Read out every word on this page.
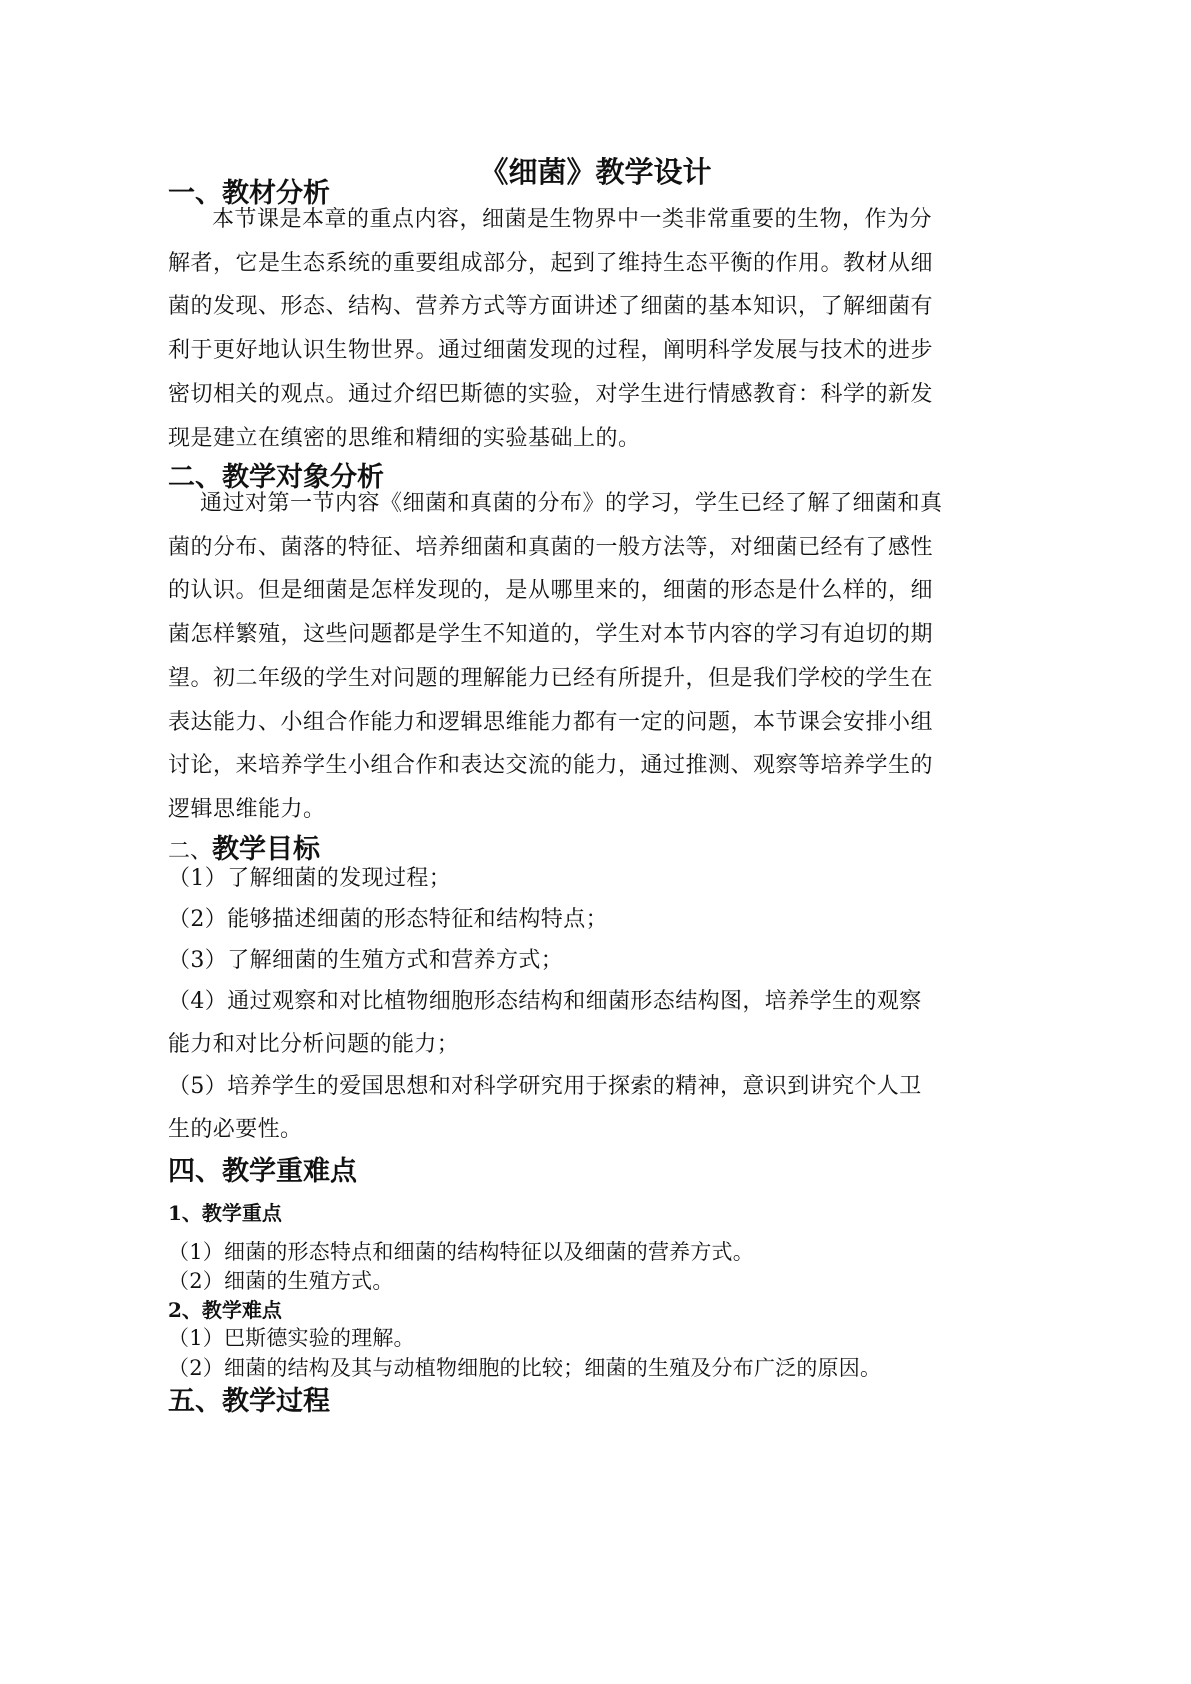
《细菌》教学设计
一、教材分析
本节课是本章的重点内容，细菌是生物界中一类非常重要的生物，作为分
解者，它是生态系统的重要组成部分，起到了维持生态平衡的作用。教材从细
菌的发现、形态、结构、营养方式等方面讲述了细菌的基本知识，了解细菌有
利于更好地认识生物世界。通过细菌发现的过程，阐明科学发展与技术的进步
密切相关的观点。通过介绍巴斯德的实验，对学生进行情感教育：科学的新发
现是建立在缜密的思维和精细的实验基础上的。
二、教学对象分析
通过对第一节内容《细菌和真菌的分布》的学习，学生已经了解了细菌和真
菌的分布、菌落的特征、培养细菌和真菌的一般方法等，对细菌已经有了感性
的认识。但是细菌是怎样发现的，是从哪里来的，细菌的形态是什么样的，细
菌怎样繁殖，这些问题都是学生不知道的，学生对本节内容的学习有迫切的期
望。初二年级的学生对问题的理解能力已经有所提升，但是我们学校的学生在
表达能力、小组合作能力和逻辑思维能力都有一定的问题，本节课会安排小组
讨论，来培养学生小组合作和表达交流的能力，通过推测、观察等培养学生的
逻辑思维能力。
二、教学目标
（1）了解细菌的发现过程；
（2）能够描述细菌的形态特征和结构特点；
（3）了解细菌的生殖方式和营养方式；
（4）通过观察和对比植物细胞形态结构和细菌形态结构图，培养学生的观察
能力和对比分析问题的能力；
（5）培养学生的爱国思想和对科学研究用于探索的精神，意识到讲究个人卫
生的必要性。
四、教学重难点
1、教学重点
（1）细菌的形态特点和细菌的结构特征以及细菌的营养方式。
（2）细菌的生殖方式。
2、教学难点
（1）巴斯德实验的理解。
（2）细菌的结构及其与动植物细胞的比较；细菌的生殖及分布广泛的原因。
五、教学过程
